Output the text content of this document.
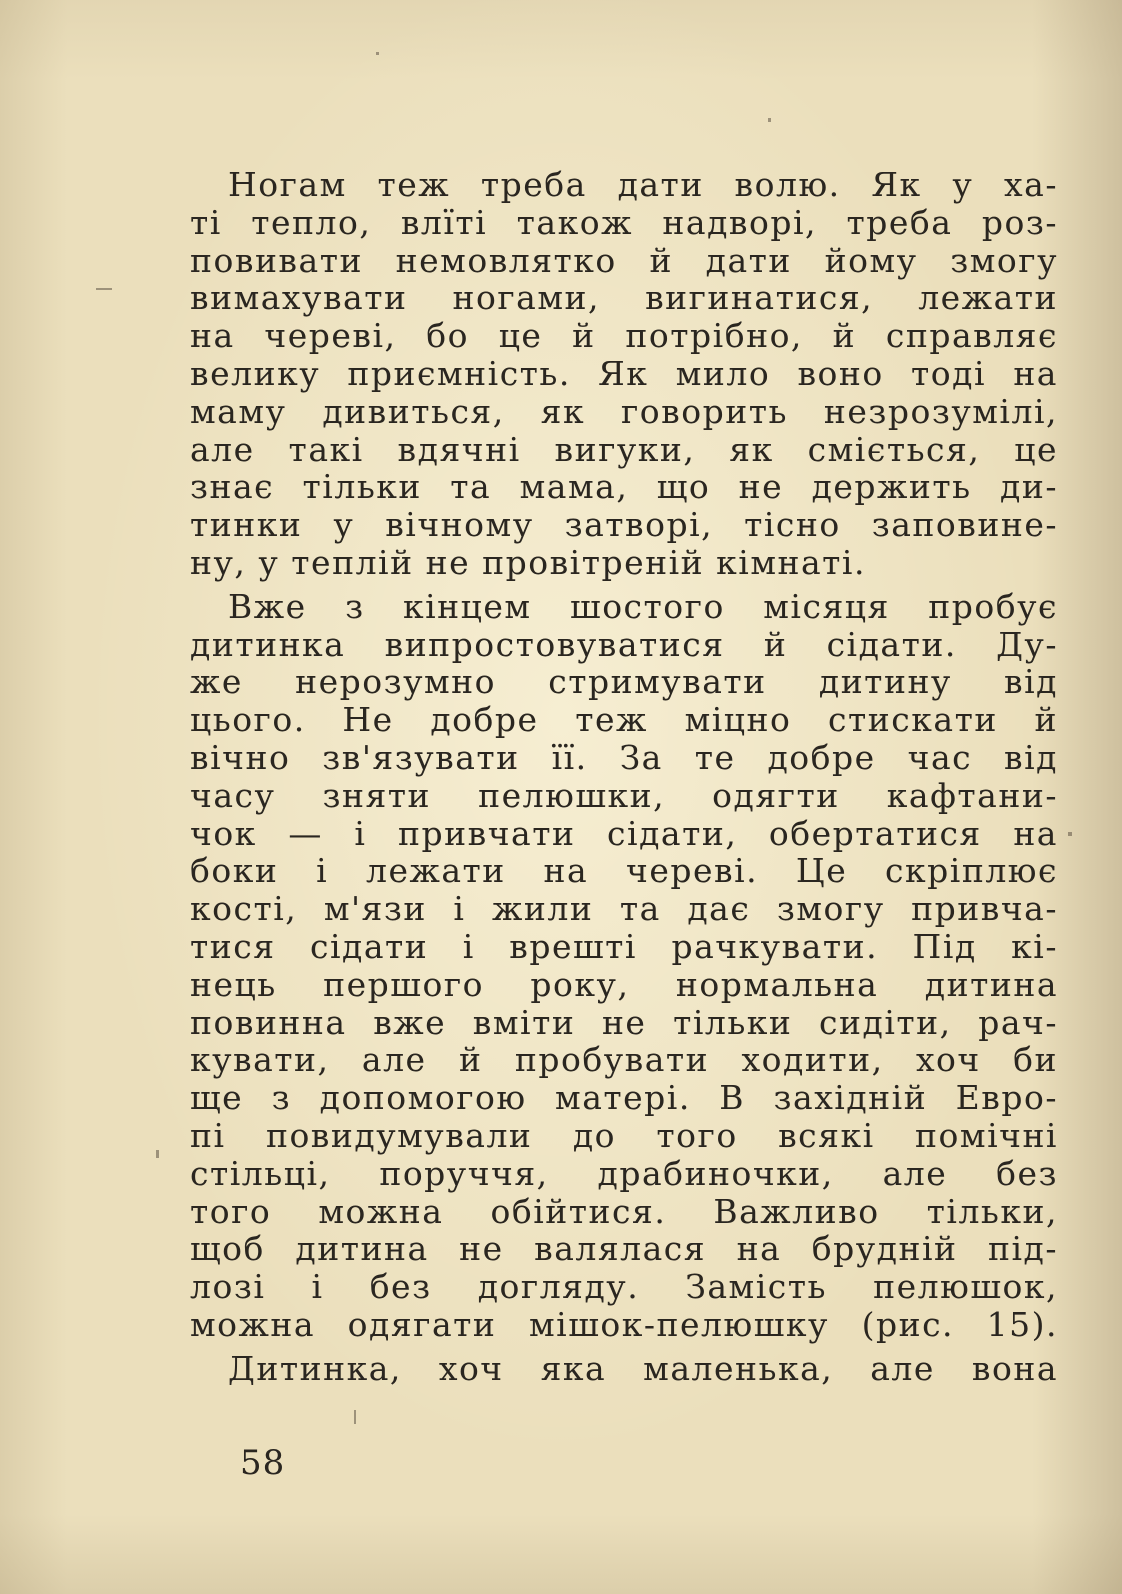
Ногам теж треба дати волю. Як у ха-
ті тепло, влїті також надворі, треба роз-
повивати немовлятко й дати йому змогу
вимахувати ногами, вигинатися, лежати
на череві, бо це й потрібно, й справляє
велику приємність. Як мило воно тоді на
маму дивиться, як говорить незрозумілі,
але такі вдячні вигуки, як сміється, це
знає тільки та мама, що не держить ди-
тинки у вічному затворі, тісно заповине-
ну, у теплій не провітреній кімнаті.

Вже з кінцем шостого місяця пробує
дитинка випростовуватися й сідати. Ду-
же нерозумно стримувати дитину від
цього. Не добре теж міцно стискати й
вічно зв'язувати її. За те добре час від
часу зняти пелюшки, одягти кафтани-
чок — і привчати сідати, обертатися на
боки і лежати на череві. Це скріплює
кості, м'язи і жили та дає змогу привча-
тися сідати і врешті рачкувати. Під кі-
нець першого року, нормальна дитина
повинна вже вміти не тільки сидіти, рач-
кувати, але й пробувати ходити, хоч би
ще з допомогою матері. В західній Евро-
пі повидумували до того всякі помічні
стільці, поруччя, драбиночки, але без
того можна обійтися. Важливо тільки,
щоб дитина не валялася на брудній під-
лозі і без догляду. Замість пелюшок,
можна одягати мішок-пелюшку (рис. 15).

Дитинка, хоч яка маленька, але вона

58
